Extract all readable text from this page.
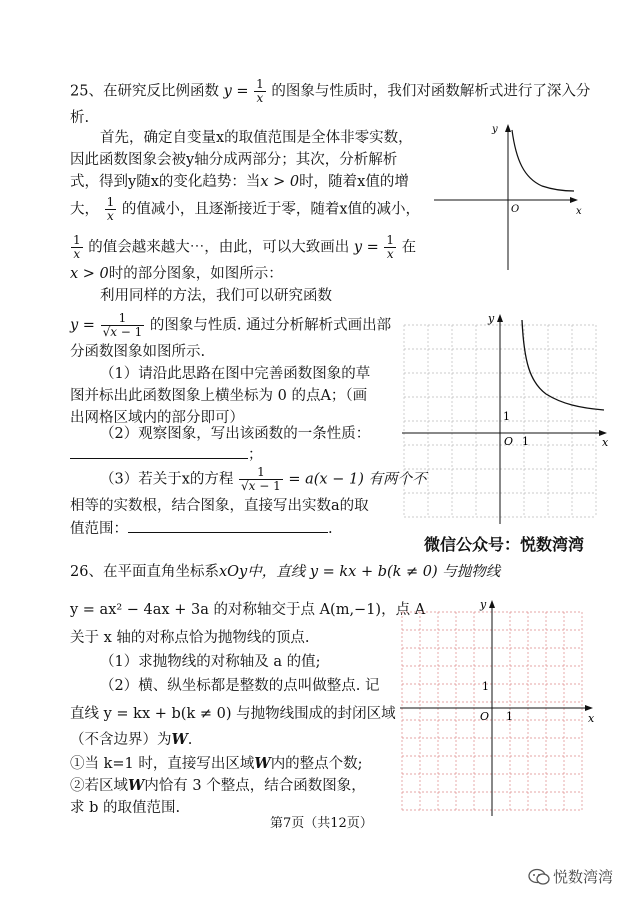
25、在研究反比例函数 $y = \frac{1}{x}$ 的图象与性质时，我们对函数解析式进行了深入分
析.
首先，确定自变量x的取值范围是全体非零实数，
因此函数图象会被y轴分成两部分；其次，分析解析
式，得到y随x的变化趋势：当x > 0时，随着x值的增
大， $\frac{1}{x}$ 的值减小，且逐渐接近于零，随着x值的减小，
$\frac{1}{x}$ 的值会越来越大⋯，由此，可以大致画出 $y = \frac{1}{x}$ 在
x > 0时的部分图象，如图所示：
利用同样的方法，我们可以研究函数
$y = \frac{1}{√x - 1}$ 的图象与性质. 通过分析解析式画出部
分函数图象如图所示.
（1）请沿此思路在图中完善函数图象的草
图并标出此函数图象上横坐标为 0 的点A；（画
出网格区域内的部分即可）
（2）观察图象，写出该函数的一条性质：
；
（3）若关于x的方程 $\frac{1}{√x - 1} = a(x - 1)$ 有两个不
相等的实数根，结合图象，直接写出实数a的取
值范围：	.
y
x
O
y
x
O 1
1
微信公众号：悦数湾湾
26、在平面直角坐标系xOy中，直线 y = kx + b(k ≠ 0) 与抛物线
y = ax² − 4ax + 3a 的对称轴交于点 A(m,−1)，点 A
关于 x 轴的对称点恰为抛物线的顶点.
（1）求抛物线的对称轴及 a 的值;
（2）横、纵坐标都是整数的点叫做整点. 记
直线 y = kx + b(k ≠ 0) 与抛物线围成的封闭区域
（不含边界）为W.
①当 k=1 时，直接写出区域W内的整点个数;
②若区域W内恰有 3 个整点，结合函数图象，
求 b 的取值范围.
y
x
O 1
1
第7页（共12页）
悦数湾湾
